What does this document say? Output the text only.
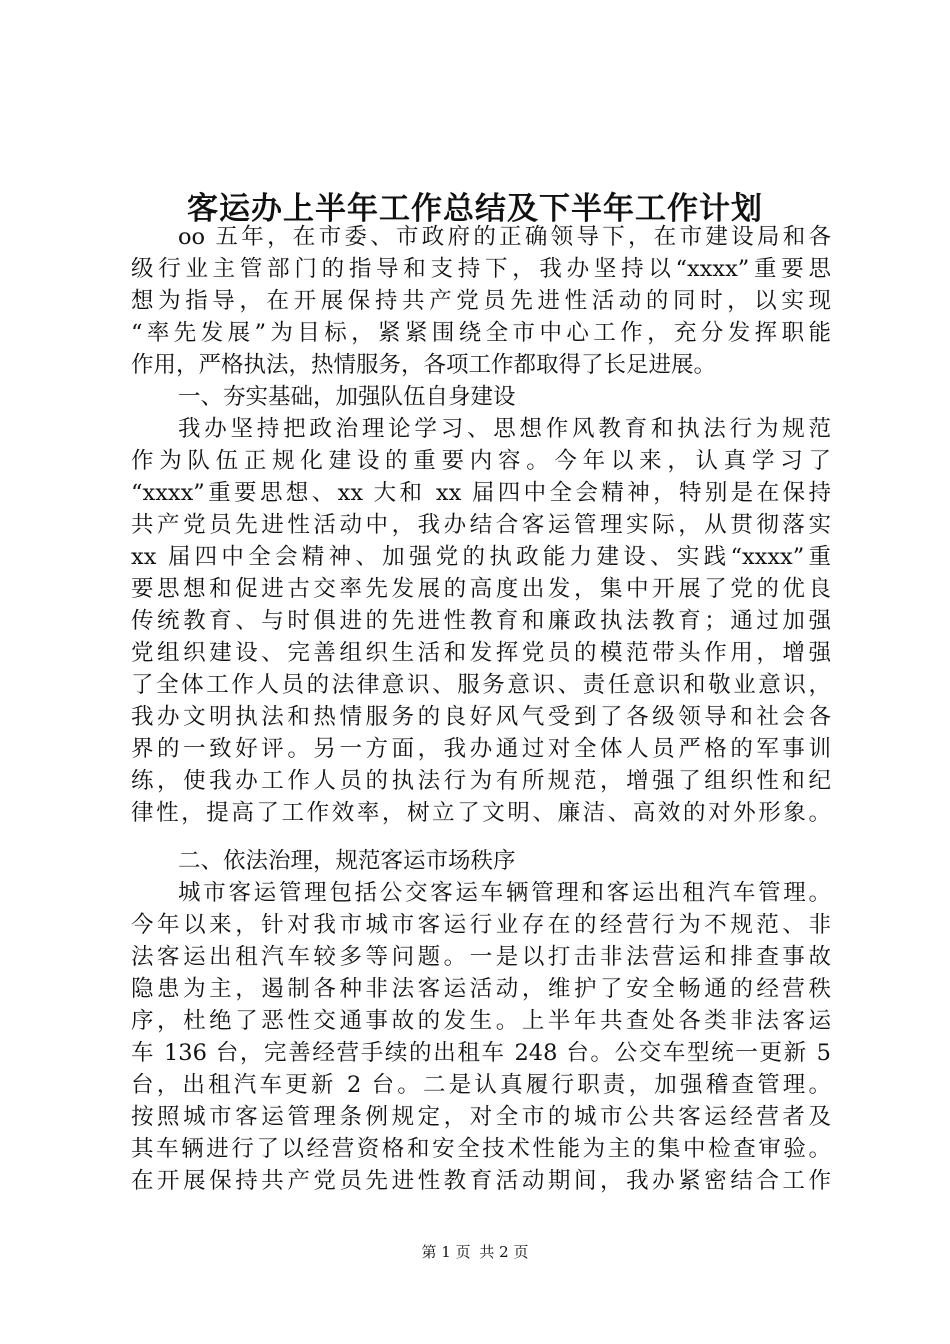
客运办上半年工作总结及下半年工作计划
oo 五年，在市委、市政府的正确领导下，在市建设局和各
级行业主管部门的指导和支持下，我办坚持以“xxxx”重要思
想为指导，在开展保持共产党员先进性活动的同时，以实现
“率先发展”为目标，紧紧围绕全市中心工作，充分发挥职能
作用，严格执法，热情服务，各项工作都取得了长足进展。
一、夯实基础，加强队伍自身建设
我办坚持把政治理论学习、思想作风教育和执法行为规范
作为队伍正规化建设的重要内容。今年以来，认真学习了
“xxxx”重要思想、xx 大和 xx 届四中全会精神，特别是在保持
共产党员先进性活动中，我办结合客运管理实际，从贯彻落实
xx 届四中全会精神、加强党的执政能力建设、实践“xxxx”重
要思想和促进古交率先发展的高度出发，集中开展了党的优良
传统教育、与时俱进的先进性教育和廉政执法教育；通过加强
党组织建设、完善组织生活和发挥党员的模范带头作用，增强
了全体工作人员的法律意识、服务意识、责任意识和敬业意识，
我办文明执法和热情服务的良好风气受到了各级领导和社会各
界的一致好评。另一方面，我办通过对全体人员严格的军事训
练，使我办工作人员的执法行为有所规范，增强了组织性和纪
律性，提高了工作效率，树立了文明、廉洁、高效的对外形象。
二、依法治理，规范客运市场秩序
城市客运管理包括公交客运车辆管理和客运出租汽车管理。
今年以来，针对我市城市客运行业存在的经营行为不规范、非
法客运出租汽车较多等问题。一是以打击非法营运和排查事故
隐患为主，遏制各种非法客运活动，维护了安全畅通的经营秩
序，杜绝了恶性交通事故的发生。上半年共查处各类非法客运
车 136 台，完善经营手续的出租车 248 台。公交车型统一更新 5
台，出租汽车更新 2 台。二是认真履行职责，加强稽查管理。
按照城市客运管理条例规定，对全市的城市公共客运经营者及
其车辆进行了以经营资格和安全技术性能为主的集中检查审验。
在开展保持共产党员先进性教育活动期间，我办紧密结合工作
第 1 页 共 2 页
